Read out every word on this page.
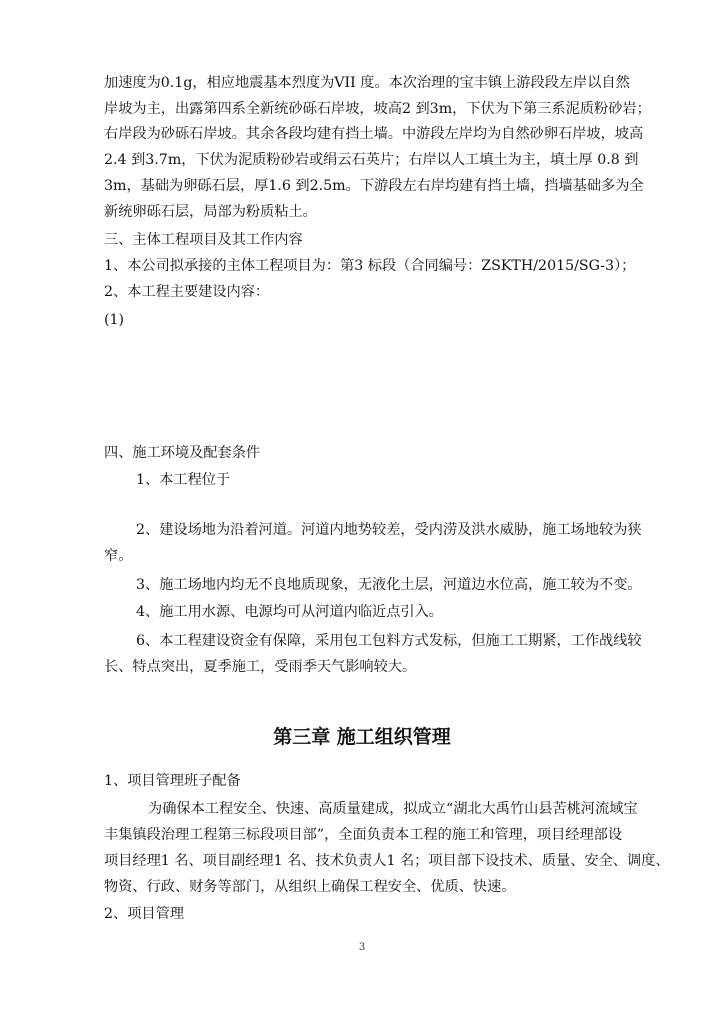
加速度为0.1g，相应地震基本烈度为VII 度。本次治理的宝丰镇上游段段左岸以自然
岸坡为主，出露第四系全新统砂砾石岸坡，坡高2 到3m，下伏为下第三系泥质粉砂岩；
右岸段为砂砾石岸坡。其余各段均建有挡土墙。中游段左岸均为自然砂卵石岸坡，坡高
2.4 到3.7m，下伏为泥质粉砂岩或绢云石英片；右岸以人工填土为主，填土厚 0.8 到
3m，基础为卵砾石层，厚1.6 到2.5m。下游段左右岸均建有挡土墙，挡墙基础多为全
新统卵砾石层，局部为粉质粘土。
三、主体工程项目及其工作内容
1、本公司拟承接的主体工程项目为：第3 标段（合同编号：ZSKTH/2015/SG-3）；
2、本工程主要建设内容：
(1)
四、施工环境及配套条件
1、本工程位于
2、建设场地为沿着河道。河道内地势较差，受内涝及洪水威胁，施工场地较为狭
窄。
3、施工场地内均无不良地质现象，无液化土层，河道边水位高，施工较为不变。
4、施工用水源、电源均可从河道内临近点引入。
6、本工程建设资金有保障，采用包工包料方式发标，但施工工期紧，工作战线较
长、特点突出，夏季施工，受雨季天气影响较大。
第三章 施工组织管理
1、项目管理班子配备
为确保本工程安全、快速、高质量建成，拟成立“湖北大禹竹山县苦桃河流域宝
丰集镇段治理工程第三标段项目部”，全面负责本工程的施工和管理，项目经理部设
项目经理1 名、项目副经理1 名、技术负责人1 名；项目部下设技术、质量、安全、调度、
物资、行政、财务等部门，从组织上确保工程安全、优质、快速。
2、项目管理
3
